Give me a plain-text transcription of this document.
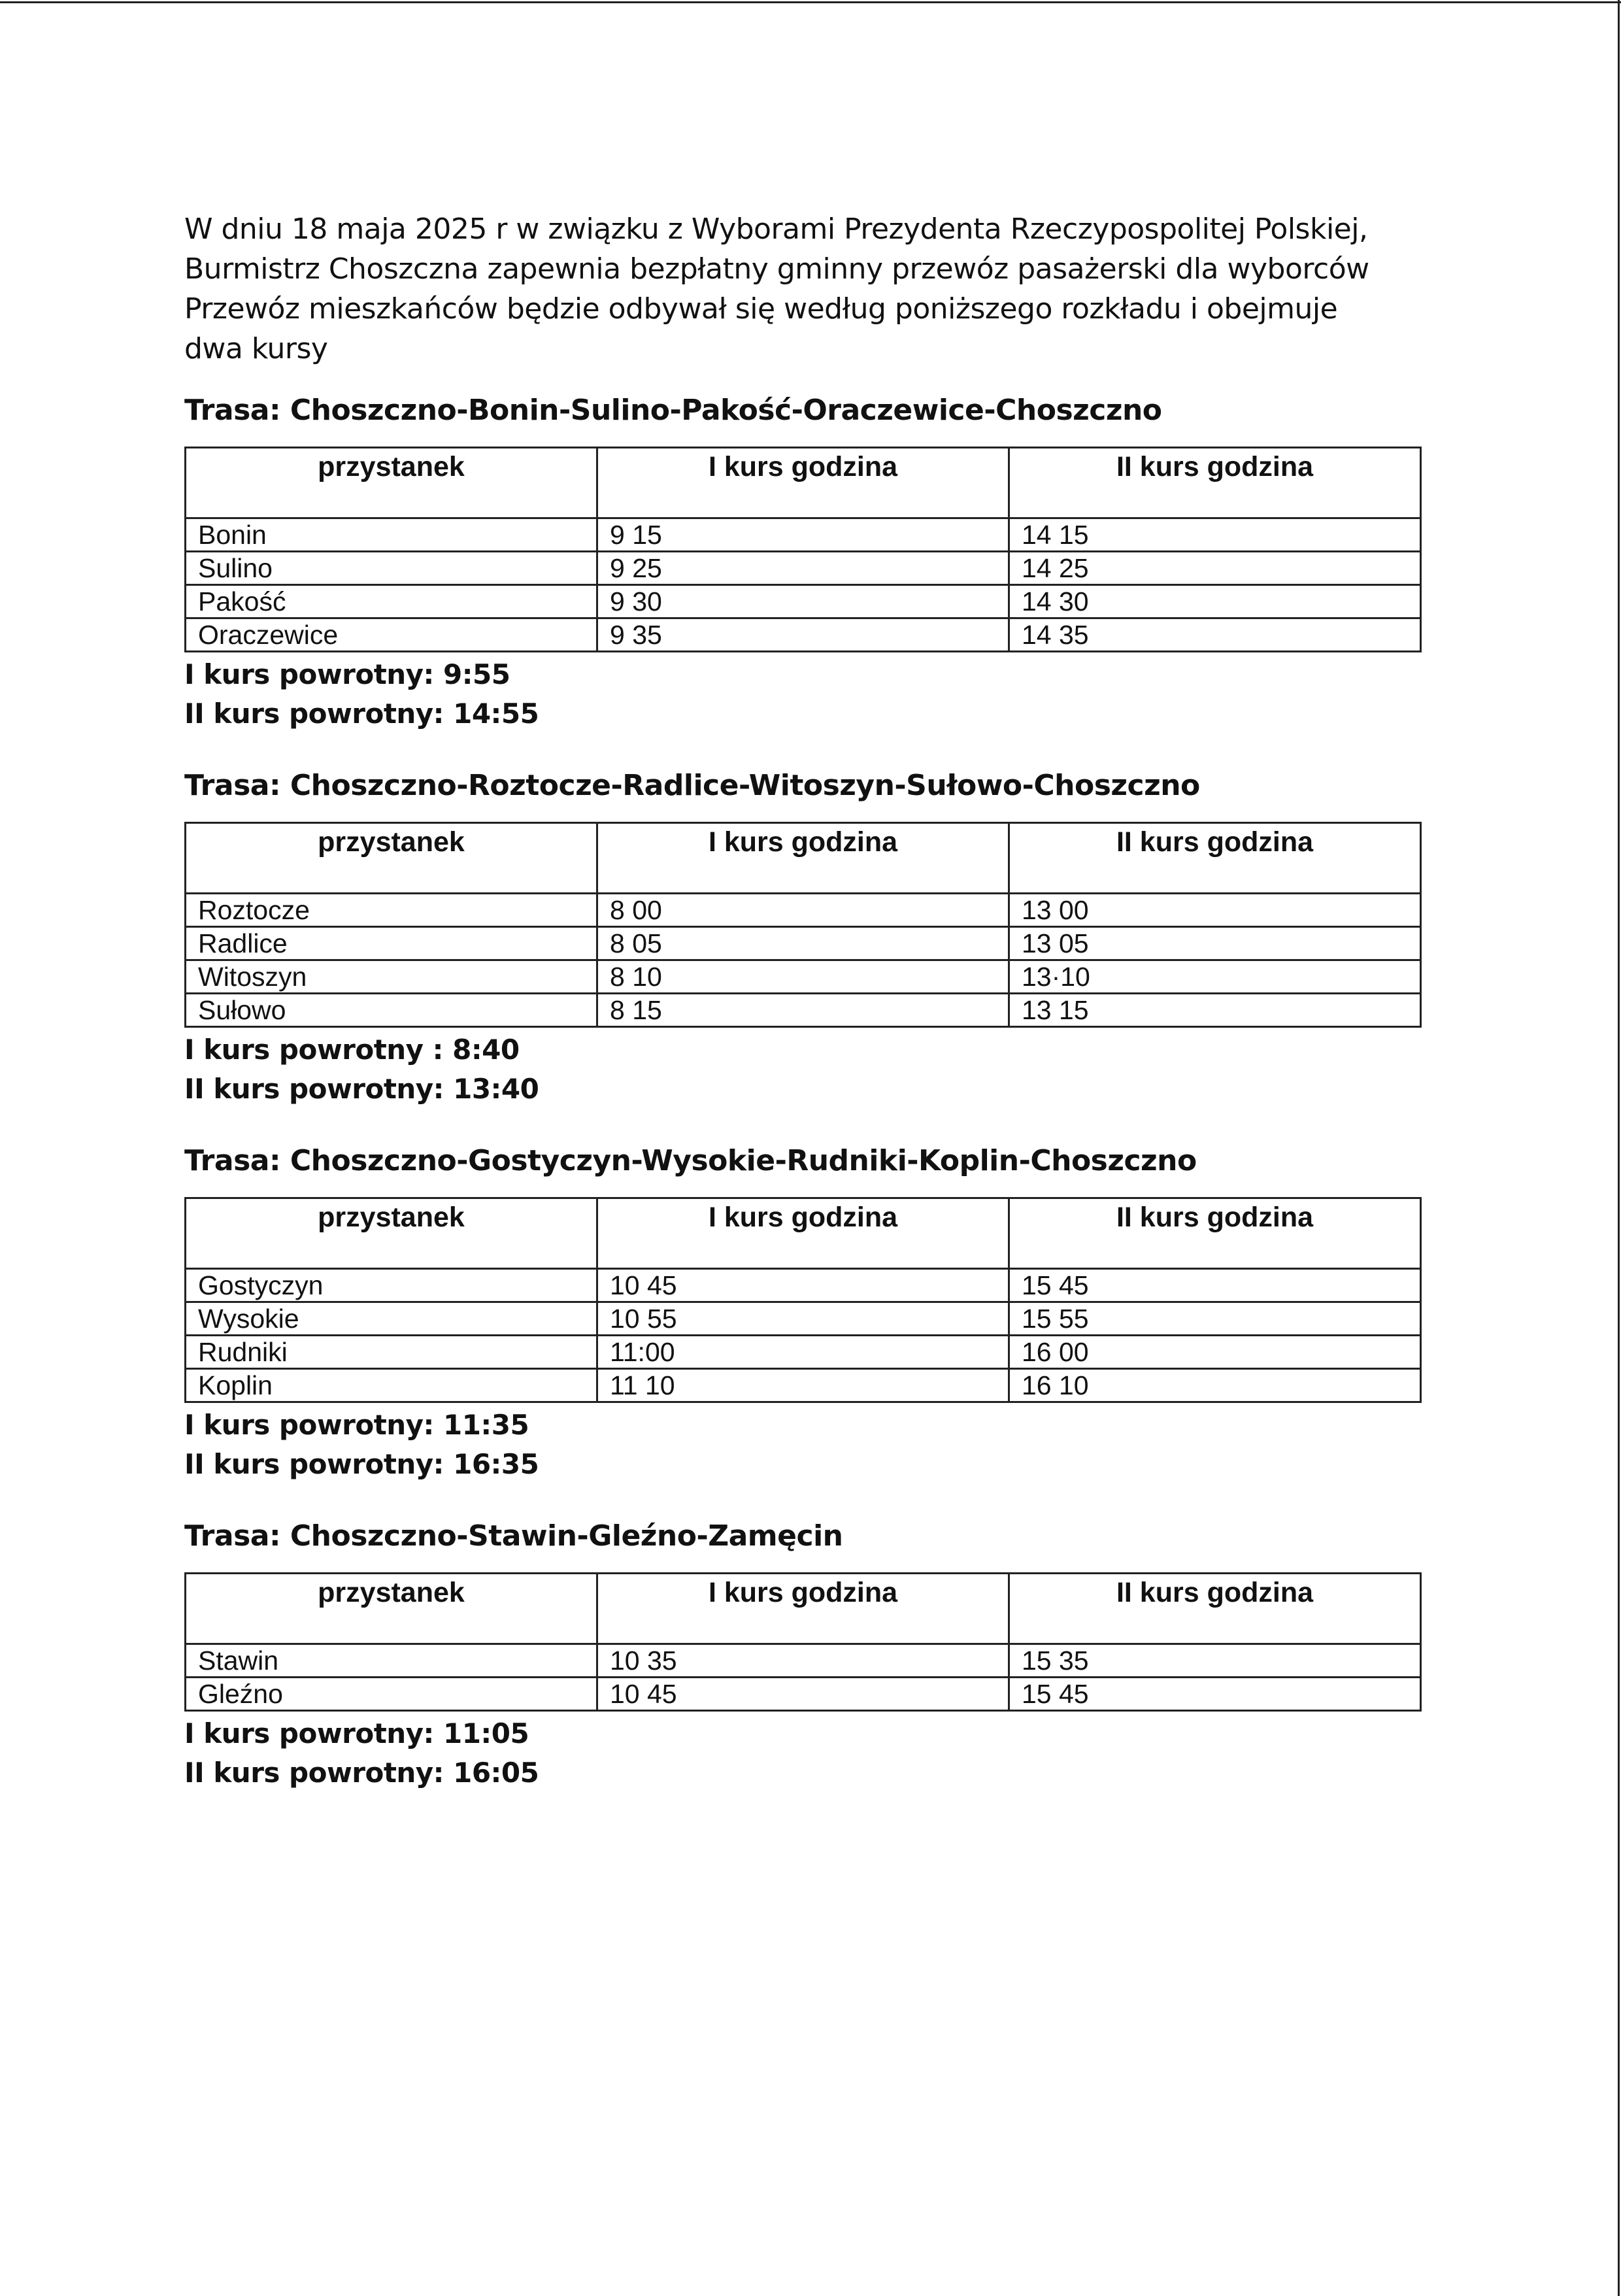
W dniu 18 maja 2025 r w związku z Wyborami Prezydenta Rzeczypospolitej Polskiej,

Burmistrz Choszczna zapewnia bezpłatny gminny przewóz pasażerski dla wyborców

Przewóz mieszkańców będzie odbywał się według poniższego rozkładu i obejmuje

dwa kursy

Trasa: Choszczno-Bonin-Sulino-Pakość-Oraczewice-Choszczno
przystanek	I kurs godzina	II kurs godzina
Bonin	9 15	14 15
Sulino	9 25	14 25
Pakość	9 30	14 30
Oraczewice	9 35	14 35

I kurs powrotny: 9:55

II kurs powrotny: 14:55

Trasa: Choszczno-Roztocze-Radlice-Witoszyn-Sułowo-Choszczno
przystanek	I kurs godzina	II kurs godzina
Roztocze	8 00	13 00
Radlice	8 05	13 05
Witoszyn	8 10	13·10
Sułowo	8 15	13 15

I kurs powrotny : 8:40

II kurs powrotny: 13:40

Trasa: Choszczno-Gostyczyn-Wysokie-Rudniki-Koplin-Choszczno
przystanek	I kurs godzina	II kurs godzina
Gostyczyn	10 45	15 45
Wysokie	10 55	15 55
Rudniki	11:00	16 00
Koplin	11 10	16 10

I kurs powrotny: 11:35

II kurs powrotny: 16:35

Trasa: Choszczno-Stawin-Gleźno-Zamęcin
przystanek	I kurs godzina	II kurs godzina
Stawin	10 35	15 35
Gleźno	10 45	15 45

I kurs powrotny: 11:05

II kurs powrotny: 16:05
